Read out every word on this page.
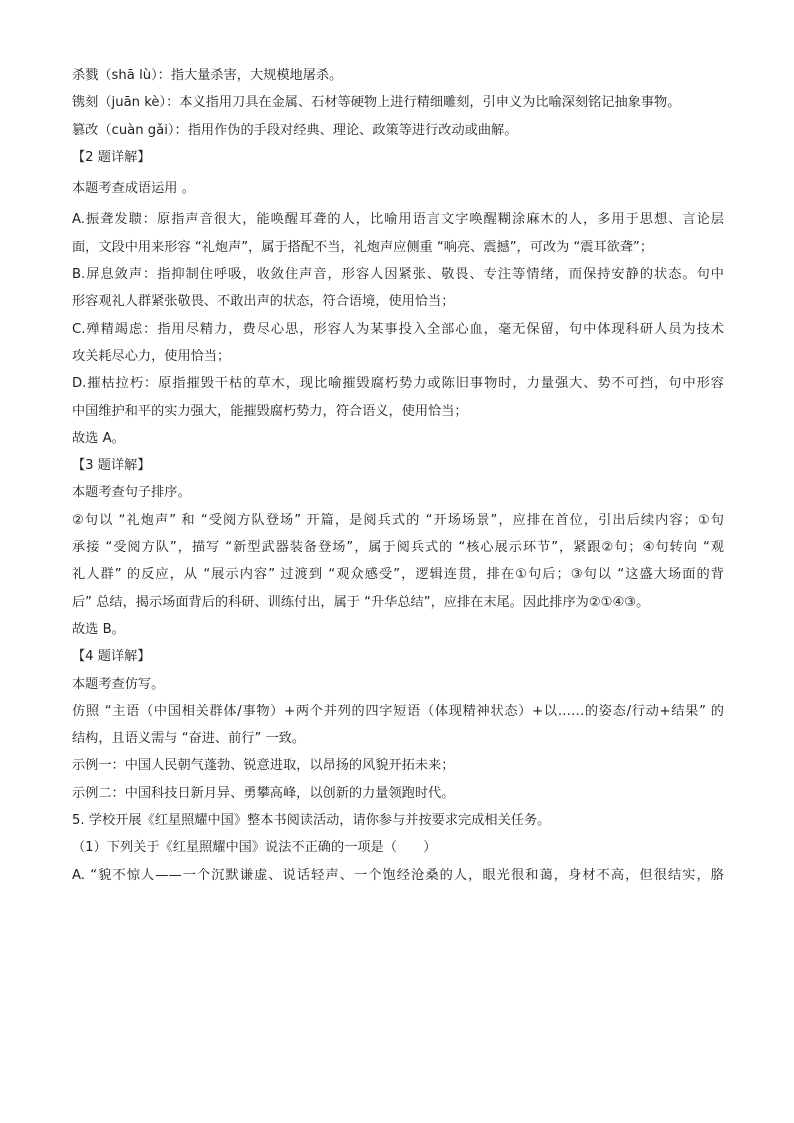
杀戮（shā lù）：指大量杀害，大规模地屠杀。
镌刻（juān kè）：本义指用刀具在金属、石材等硬物上进行精细雕刻，引申义为比喻深刻铭记抽象事物。
篡改（cuàn gǎi）：指用作伪的手段对经典、理论、政策等进行改动或曲解。
【2 题详解】
本题考查成语运用 。
A.振聋发聩：原指声音很大，能唤醒耳聋的人，比喻用语言文字唤醒糊涂麻木的人，多用于思想、言论层
面，文段中用来形容 “礼炮声”，属于搭配不当，礼炮声应侧重 “响亮、震撼”，可改为 “震耳欲聋”；
B.屏息敛声：指抑制住呼吸，收敛住声音，形容人因紧张、敬畏、专注等情绪，而保持安静的状态。句中
形容观礼人群紧张敬畏、不敢出声的状态，符合语境，使用恰当；
C.殚精竭虑：指用尽精力，费尽心思，形容人为某事投入全部心血，毫无保留，句中体现科研人员为技术
攻关耗尽心力，使用恰当；
D.摧枯拉朽：原指摧毁干枯的草木，现比喻摧毁腐朽势力或陈旧事物时，力量强大、势不可挡，句中形容
中国维护和平的实力强大，能摧毁腐朽势力，符合语义，使用恰当；
故选 A。
【3 题详解】
本题考查句子排序。
②句以 “礼炮声” 和 “受阅方队登场” 开篇，是阅兵式的 “开场场景”，应排在首位，引出后续内容；①句
承接 “受阅方队”，描写 “新型武器装备登场”，属于阅兵式的 “核心展示环节”，紧跟②句；④句转向 “观
礼人群” 的反应，从 “展示内容” 过渡到 “观众感受”，逻辑连贯，排在①句后；③句以 “这盛大场面的背
后” 总结，揭示场面背后的科研、训练付出，属于 “升华总结”，应排在末尾。因此排序为②①④③。
故选 B。
【4 题详解】
本题考查仿写。
仿照 “主语（中国相关群体/事物）+两个并列的四字短语（体现精神状态）+以……的姿态/行动+结果” 的
结构，且语义需与 “奋进、前行” 一致。
示例一：中国人民朝气蓬勃、锐意进取，以昂扬的风貌开拓未来；
示例二：中国科技日新月异、勇攀高峰，以创新的力量领跑时代。
5. 学校开展《红星照耀中国》整本书阅读活动，请你参与并按要求完成相关任务。
（1）下列关于《红星照耀中国》说法不正确的一项是（　　）
A. “貌不惊人——一个沉默谦虚、说话轻声、一个饱经沧桑的人，眼光很和蔼，身材不高，但很结实，胳
